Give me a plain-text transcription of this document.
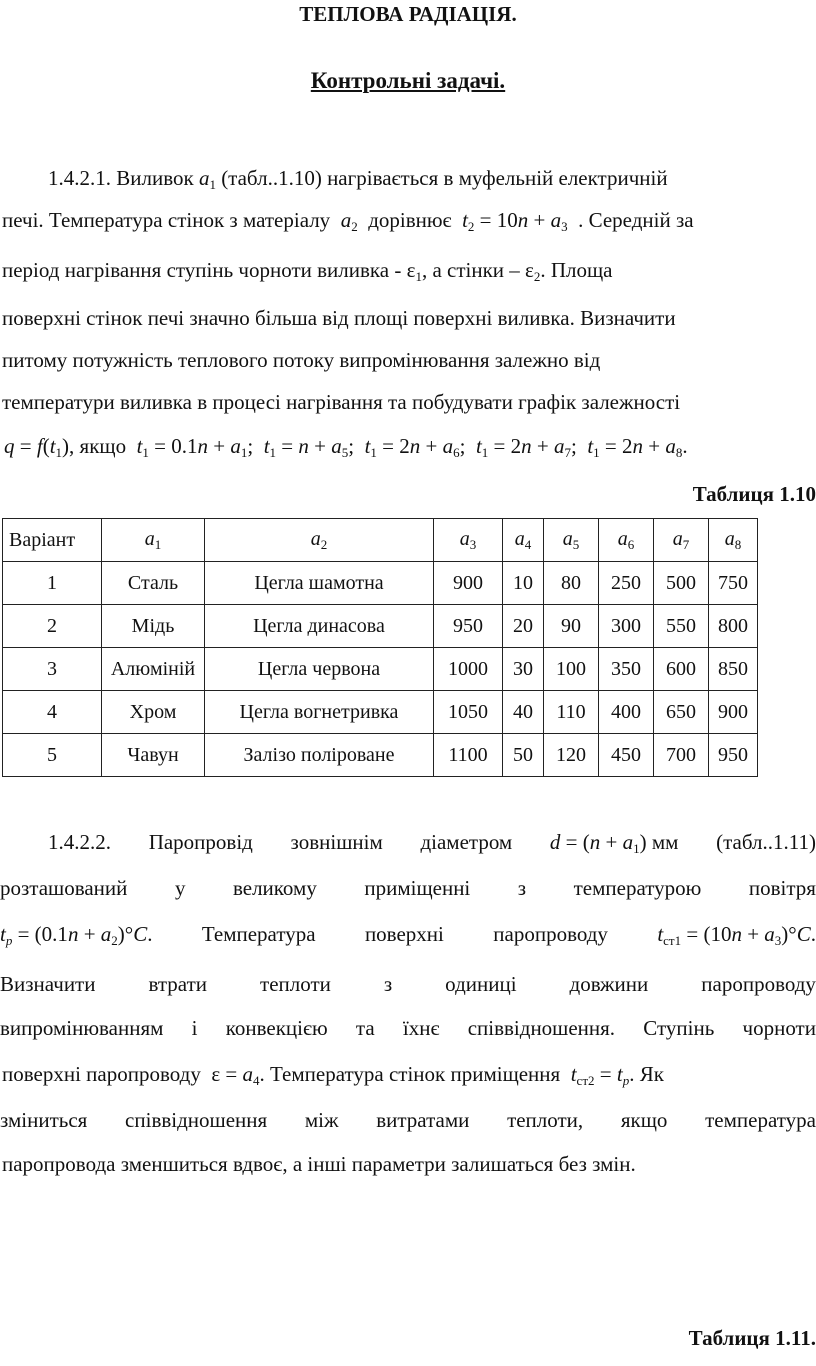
ТЕПЛОВА РАДІАЦІЯ.
Контрольні задачі.
1.4.2.1. Виливок $a_1$ (табл..1.10) нагрівається в муфельній електричній
печі. Температура стінок з матеріалу $a_2$ дорівнює $t_2 = 10n + a_3$ . Середній за
період нагрівання ступінь чорноти виливка - $\varepsilon_1$, а стінки – $\varepsilon_2$. Площа
поверхні стінок печі значно більша від площі поверхні виливка. Визначити
питому потужність теплового потоку випромінювання залежно від
температури виливка в процесі нагрівання та побудувати графік залежності
$q = f(t_1)$, якщо $t_1 = 0.1n + a_1$;  $t_1 = n + a_5$;  $t_1 = 2n + a_6$;  $t_1 = 2n + a_7$;  $t_1 = 2n + a_8$.
Таблиця 1.10
Варіант	$a_1$	$a_2$	$a_3$	$a_4$	$a_5$	$a_6$	$a_7$	$a_8$
1	Сталь	Цегла шамотна	900	10	80	250	500	750
2	Мідь	Цегла динасова	950	20	90	300	550	800
3	Алюміній	Цегла червона	1000	30	100	350	600	850
4	Хром	Цегла вогнетривка	1050	40	110	400	650	900
5	Чавун	Залізо поліроване	1100	50	120	450	700	950
1.4.2.2. Паропровід зовнішнім діаметром $d = (n + a_1)$ мм (табл..1.11)
розташований у великому приміщенні з температурою повітря
$t_p = (0.1n + a_2)^\circ C$. Температура поверхні паропроводу $t_{ст1} = (10n + a_3)^\circ C$.
Визначити	втрати	теплоти	з	одиниці	довжини	паропроводу
випромінюванням і конвекцією та їхнє співвідношення. Ступінь чорноти
поверхні паропроводу  $\varepsilon = a_4$. Температура стінок приміщення $t_{ст2} = t_p$. Як
зміниться співвідношення між витратами теплоти, якщо температура
паропровода зменшиться вдвоє, а інші параметри залишаться без змін.
Таблиця 1.11.
